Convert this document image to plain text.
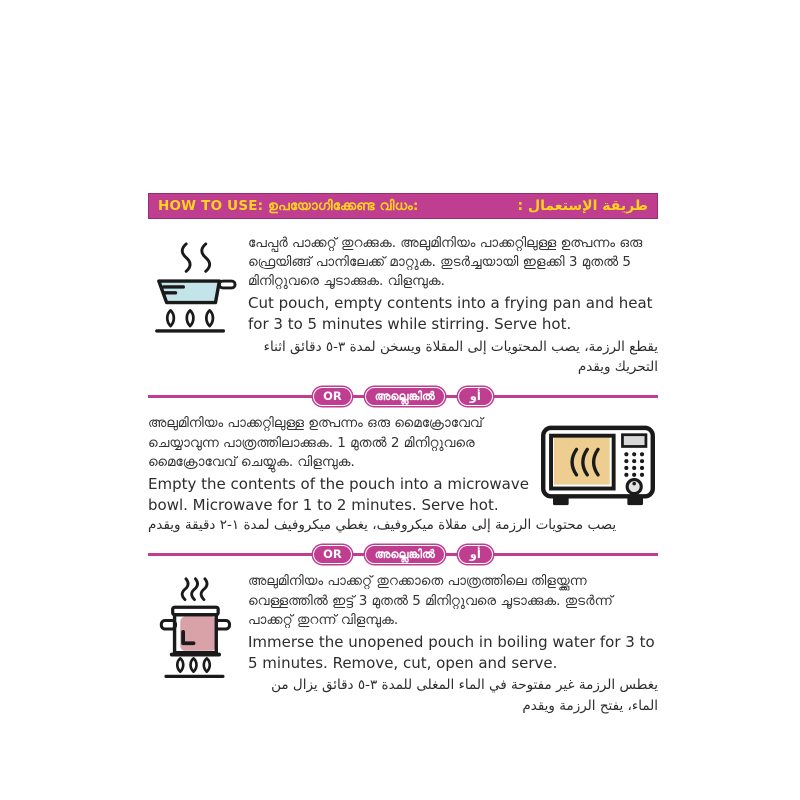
HOW TO USE: ഉപയോഗിക്കേണ്ട വിധം:	طريقة الإستعمال :

പേപ്പർ പാക്കറ്റ് തുറക്കുക. അലുമിനിയം പാക്കറ്റിലുള്ള ഉത്പന്നം ഒരു ഫ്രെയിങ്ങ് പാനിലേക്ക് മാറ്റുക. തുടർച്ചയായി ഇളക്കി 3 മുതൽ 5 മിനിറ്റുവരെ ചൂടാക്കുക. വിളമ്പുക.

Cut pouch, empty contents into a frying pan and heat for 3 to 5 minutes while stirring. Serve hot.

يقطع الرزمة، يصب المحتويات إلى المقلاة ويسخن لمدة ٣-٥ دقائق اثناء التحريك ويقدم

OR	അല്ലെങ്കിൽ	أو

അലുമിനിയം പാക്കറ്റിലുള്ള ഉത്പന്നം ഒരു മൈക്രോവേവ് ചെയ്യാവുന്ന പാത്രത്തിലാക്കുക. 1 മുതൽ 2 മിനിറ്റുവരെ മൈക്രോവേവ് ചെയ്യുക. വിളമ്പുക.

Empty the contents of the pouch into a microwave bowl. Microwave for 1 to 2 minutes. Serve hot.

يصب محتويات الرزمة إلى مقلاة ميكروفيف، يغطي ميكروفيف لمدة ١-٢ دقيقة ويقدم

OR	അല്ലെങ്കിൽ	أو

അലുമിനിയം പാക്കറ്റ് തുറക്കാതെ പാത്രത്തിലെ തിളയ്ക്കുന്ന വെള്ളത്തിൽ ഇട്ട് 3 മുതൽ 5 മിനിറ്റുവരെ ചൂടാക്കുക. തുടർന്ന് പാക്കറ്റ് തുറന്ന് വിളമ്പുക.

Immerse the unopened pouch in boiling water for 3 to 5 minutes. Remove, cut, open and serve.

يغطس الرزمة غير مفتوحة في الماء المغلى للمدة ٣-٥ دقائق يزال من الماء، يفتح الرزمة ويقدم
